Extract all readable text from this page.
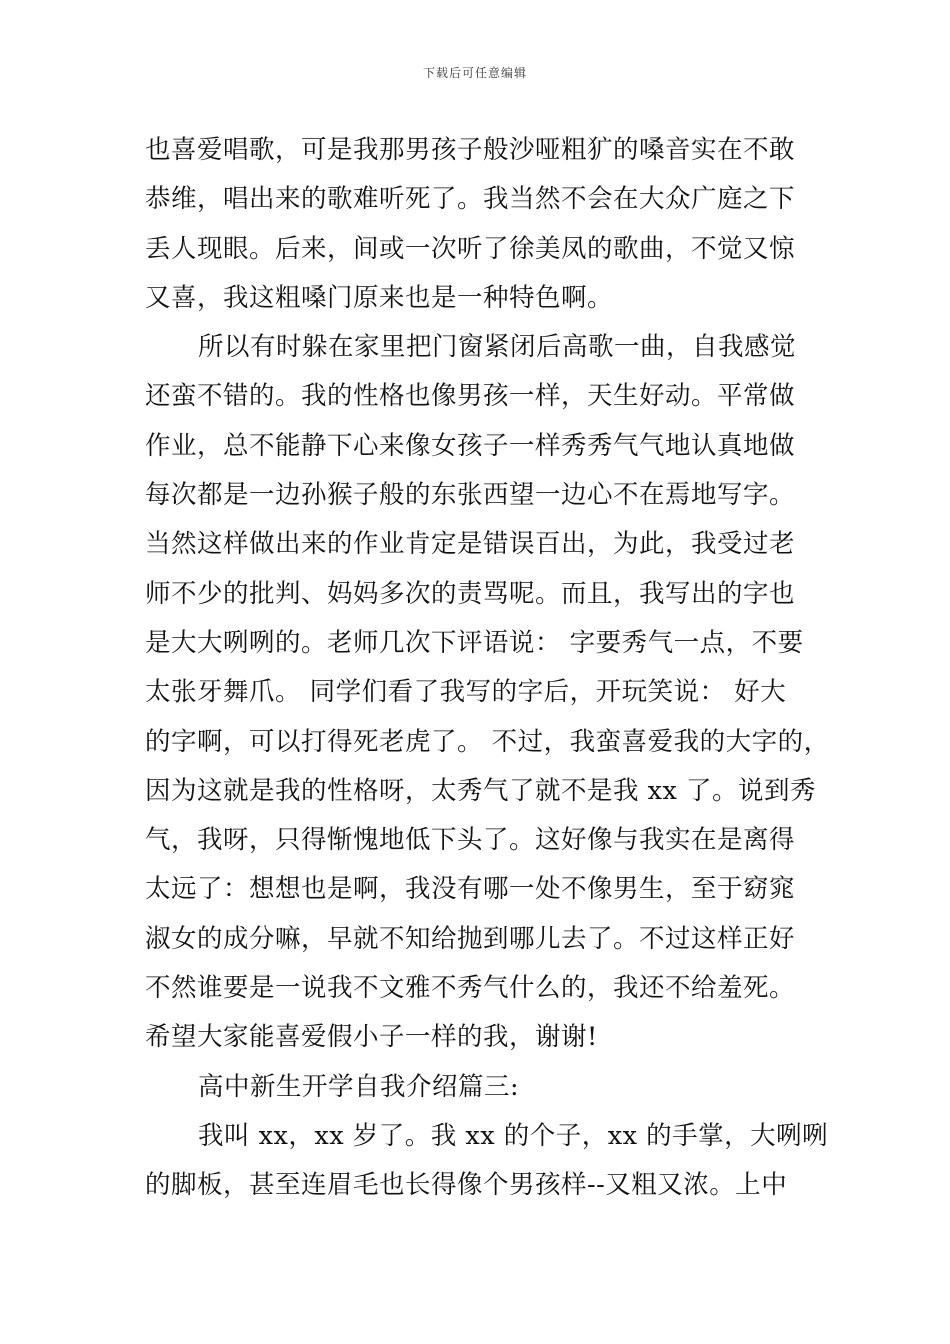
下载后可任意编辑
也喜爱唱歌，可是我那男孩子般沙哑粗犷的嗓音实在不敢
恭维，唱出来的歌难听死了。我当然不会在大众广庭之下
丢人现眼。后来，间或一次听了徐美凤的歌曲，不觉又惊
又喜，我这粗嗓门原来也是一种特色啊。
所以有时躲在家里把门窗紧闭后高歌一曲，自我感觉
还蛮不错的。我的性格也像男孩一样，天生好动。平常做
作业，总不能静下心来像女孩子一样秀秀气气地认真地做
每次都是一边孙猴子般的东张西望一边心不在焉地写字。
当然这样做出来的作业肯定是错误百出，为此，我受过老
师不少的批判、妈妈多次的责骂呢。而且，我写出的字也
是大大咧咧的。老师几次下评语说： 字要秀气一点，不要
太张牙舞爪。 同学们看了我写的字后，开玩笑说： 好大
的字啊，可以打得死老虎了。 不过，我蛮喜爱我的大字的，
因为这就是我的性格呀，太秀气了就不是我 xx 了。说到秀
气，我呀，只得惭愧地低下头了。这好像与我实在是离得
太远了：想想也是啊，我没有哪一处不像男生，至于窈窕
淑女的成分嘛，早就不知给抛到哪儿去了。不过这样正好
不然谁要是一说我不文雅不秀气什么的，我还不给羞死。
希望大家能喜爱假小子一样的我，谢谢!
高中新生开学自我介绍篇三:
我叫 xx，xx 岁了。我 xx 的个子，xx 的手掌，大咧咧
的脚板，甚至连眉毛也长得像个男孩样--又粗又浓。上中
